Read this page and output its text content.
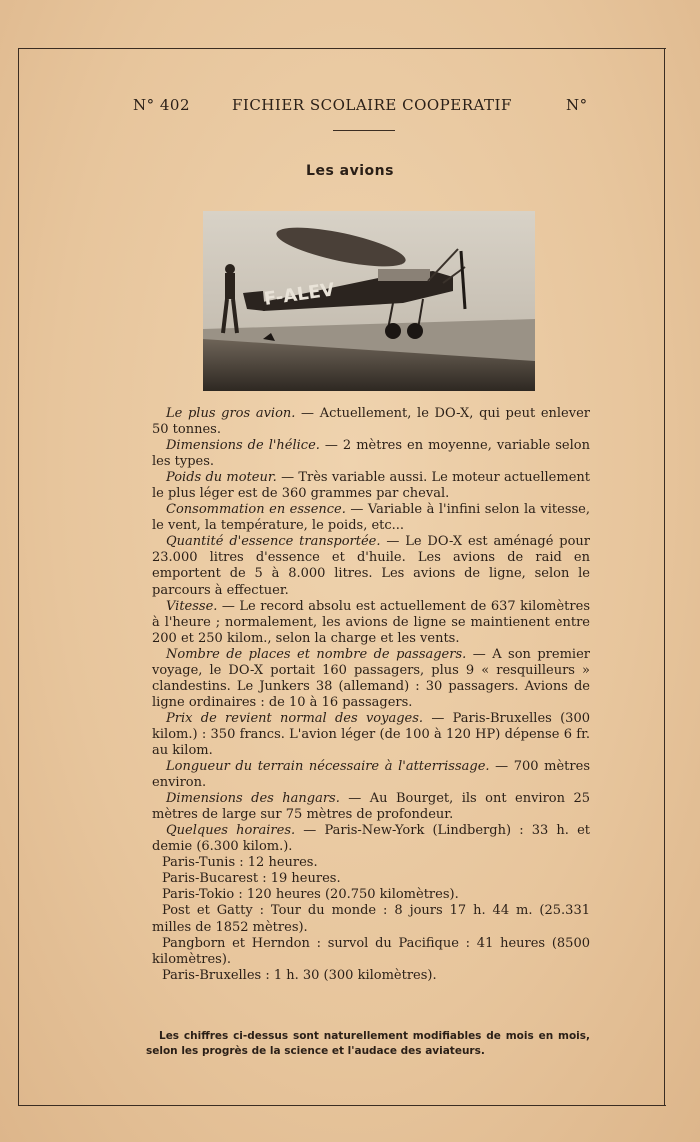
N° 402	FICHIER SCOLAIRE COOPERATIF	N°
Les avions
F-ALEV

Le plus gros avion. — Actuellement, le DO-X, qui peut enlever 50 tonnes.

Dimensions de l'hélice. — 2 mètres en moyenne, variable selon les types.

Poids du moteur. — Très variable aussi. Le moteur actuellement le plus léger est de 360 grammes par cheval.

Consommation en essence. — Variable à l'infini selon la vitesse, le vent, la température, le poids, etc...

Quantité d'essence transportée. — Le DO-X est aménagé pour 23.000 litres d'essence et d'huile. Les avions de raid en emportent de 5 à 8.000 litres. Les avions de ligne, selon le parcours à effectuer.

Vitesse. — Le record absolu est actuellement de 637 kilomètres à l'heure ; normalement, les avions de ligne se maintienent entre 200 et 250 kilom., selon la charge et les vents.

Nombre de places et nombre de passagers. — A son premier voyage, le DO-X portait 160 passagers, plus 9 « resquilleurs » clandestins. Le Junkers 38 (allemand) : 30 passagers. Avions de ligne ordinaires : de 10 à 16 passagers.

Prix de revient normal des voyages. — Paris-Bruxelles (300 kilom.) : 350 francs. L'avion léger (de 100 à 120 HP) dépense 6 fr. au kilom.

Longueur du terrain nécessaire à l'atterrissage. — 700 mètres environ.

Dimensions des hangars. — Au Bourget, ils ont environ 25 mètres de large sur 75 mètres de profondeur.

Quelques horaires. — Paris-New-York (Lindbergh) : 33 h. et demie (6.300 kilom.).

Paris-Tunis : 12 heures.

Paris-Bucarest : 19 heures.

Paris-Tokio : 120 heures (20.750 kilomètres).

Post et Gatty : Tour du monde : 8 jours 17 h. 44 m. (25.331 milles de 1852 mètres).

Pangborn et Herndon : survol du Pacifique : 41 heures (8500 kilomètres).

Paris-Bruxelles : 1 h. 30 (300 kilomètres).

Les chiffres ci-dessus sont naturellement modifiables de mois en mois, selon les progrès de la science et l'audace des aviateurs.
